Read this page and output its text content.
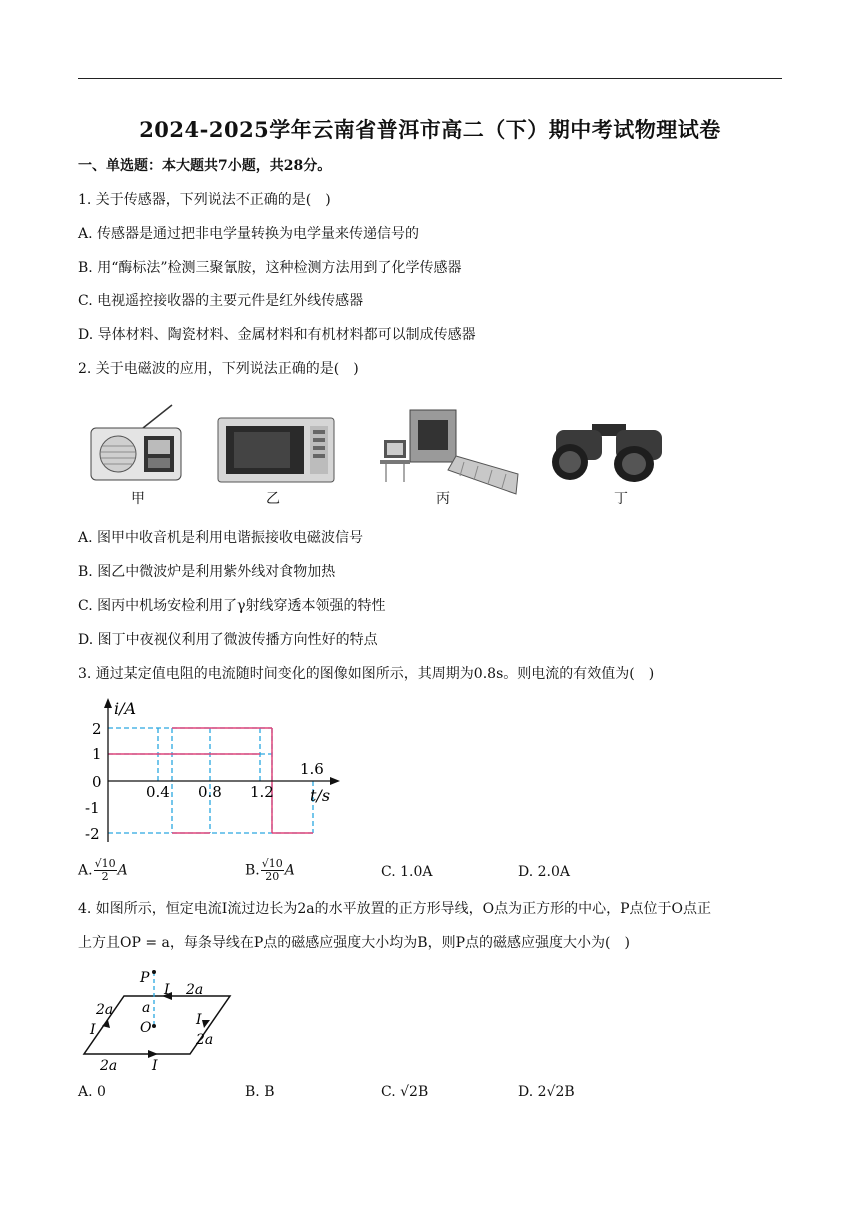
2024-2025学年云南省普洱市高二（下）期中考试物理试卷
一、单选题：本大题共7小题，共28分。
1. 关于传感器，下列说法不正确的是(　)
A. 传感器是通过把非电学量转换为电学量来传递信号的
B. 用“酶标法”检测三聚氰胺，这种检测方法用到了化学传感器
C. 电视遥控接收器的主要元件是红外线传感器
D. 导体材料、陶瓷材料、金属材料和有机材料都可以制成传感器
2. 关于电磁波的应用，下列说法正确的是(　)
甲	乙	丙	丁
A. 图甲中收音机是利用电谐振接收电磁波信号
B. 图乙中微波炉是利用紫外线对食物加热
C. 图丙中机场安检利用了γ射线穿透本领强的特性
D. 图丁中夜视仪利用了微波传播方向性好的特点
3. 通过某定值电阻的电流随时间变化的图像如图所示，其周期为0.8s。则电流的有效值为(　)
i/A
t/s
2
1
0
-1
-2
0.4 0.8 1.2
1.6
A. $\frac{√10}{2}$ A	B. $\frac{√10}{20}$ A	C. 1.0A	D. 2.0A
4. 如图所示，恒定电流I流过边长为2a的水平放置的正方形导线，O点为正方形的中心，P点位于O点正
上方且OP = a，每条导线在P点的磁感应强度大小均为B，则P点的磁感应强度大小为(　)
P
O
a
I 2a
2a
I
I
2a
2a I
A. 0	B. B	C. √2B	D. 2√2B
